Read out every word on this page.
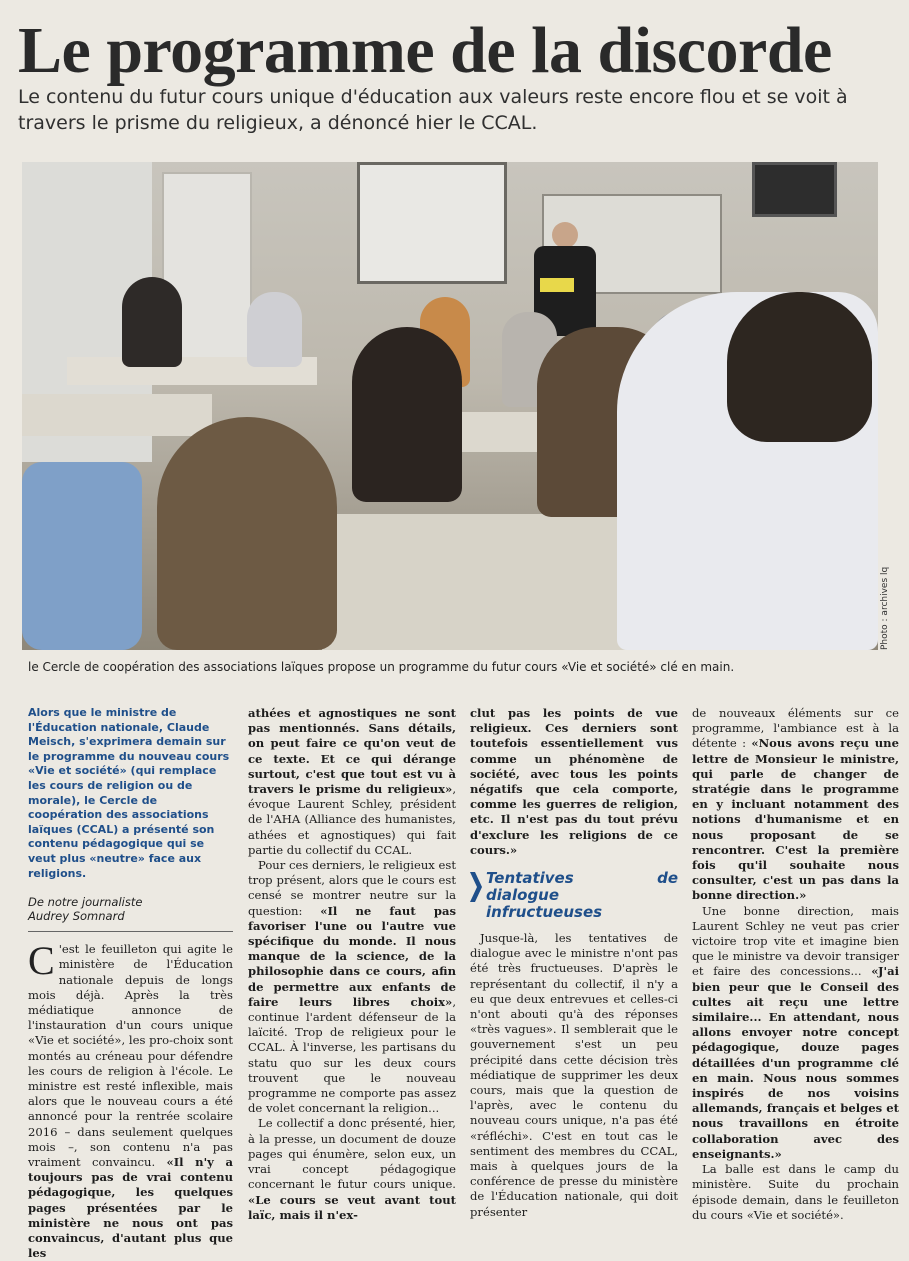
Le programme de la discorde
Le contenu du futur cours unique d'éducation aux valeurs reste encore flou et se voit à travers le prisme du religieux, a dénoncé hier le CCAL.
Photo : archives lq
le Cercle de coopération des associations laïques propose un programme du futur cours «Vie et société» clé en main.
Alors que le ministre de l'Éducation nationale, Claude Meisch, s'exprimera demain sur le programme du nouveau cours «Vie et société» (qui remplace les cours de religion ou de morale), le Cercle de coopération des associations laïques (CCAL) a présenté son contenu pédagogique qui se veut plus «neutre» face aux religions.
De notre journaliste
Audrey Somnard

C 'est le feuilleton qui agite le ministère de l'Éducation nationale depuis de longs mois déjà. Après la très médiatique annonce de l'instauration d'un cours unique «Vie et société», les pro-choix sont montés au créneau pour défendre les cours de religion à l'école. Le ministre est resté inflexible, mais alors que le nouveau cours a été annoncé pour la rentrée scolaire 2016 – dans seulement quelques mois –, son contenu n'a pas vraiment convaincu. «Il n'y a toujours pas de vrai contenu pédagogique, les quelques pages présentées par le ministère ne nous ont pas convaincus, d'autant plus que les

athées et agnostiques ne sont pas mentionnés. Sans détails, on peut faire ce qu'on veut de ce texte. Et ce qui dérange surtout, c'est que tout est vu à travers le prisme du religieux», évoque Laurent Schley, président de l'AHA (Alliance des humanistes, athées et agnostiques) qui fait partie du collectif du CCAL.

Pour ces derniers, le religieux est trop présent, alors que le cours est censé se montrer neutre sur la question: «Il ne faut pas favoriser l'une ou l'autre vue spécifique du monde. Il nous manque de la science, de la philosophie dans ce cours, afin de permettre aux enfants de faire leurs libres choix», continue l'ardent défenseur de la laïcité. Trop de religieux pour le CCAL. À l'inverse, les partisans du statu quo sur les deux cours trouvent que le nouveau programme ne comporte pas assez de volet concernant la religion...

Le collectif a donc présenté, hier, à la presse, un document de douze pages qui énumère, selon eux, un vrai concept pédagogique concernant le futur cours unique. «Le cours se veut avant tout laïc, mais il n'ex-

clut pas les points de vue religieux. Ces derniers sont toutefois essentiellement vus comme un phénomène de société, avec tous les points négatifs que cela comporte, comme les guerres de religion, etc. Il n'est pas du tout prévu d'exclure les religions de ce cours.»

Tentatives de dialogue infructueuses

Jusque-là, les tentatives de dialogue avec le ministre n'ont pas été très fructueuses. D'après le représentant du collectif, il n'y a eu que deux entrevues et celles-ci n'ont abouti qu'à des réponses «très vagues». Il semblerait que le gouvernement s'est un peu précipité dans cette décision très médiatique de supprimer les deux cours, mais que la question de l'après, avec le contenu du nouveau cours unique, n'a pas été «réfléchi». C'est en tout cas le sentiment des membres du CCAL, mais à quelques jours de la conférence de presse du ministère de l'Éducation nationale, qui doit présenter

de nouveaux éléments sur ce programme, l'ambiance est à la détente : «Nous avons reçu une lettre de Monsieur le ministre, qui parle de changer de stratégie dans le programme en y incluant notamment des notions d'humanisme et en nous proposant de se rencontrer. C'est la première fois qu'il souhaite nous consulter, c'est un pas dans la bonne direction.»

Une bonne direction, mais Laurent Schley ne veut pas crier victoire trop vite et imagine bien que le ministre va devoir transiger et faire des concessions... «J'ai bien peur que le Conseil des cultes ait reçu une lettre similaire... En attendant, nous allons envoyer notre concept pédagogique, douze pages détaillées d'un programme clé en main. Nous nous sommes inspirés de nos voisins allemands, français et belges et nous travaillons en étroite collaboration avec des enseignants.»

La balle est dans le camp du ministère. Suite du prochain épisode demain, dans le feuilleton du cours «Vie et société».
